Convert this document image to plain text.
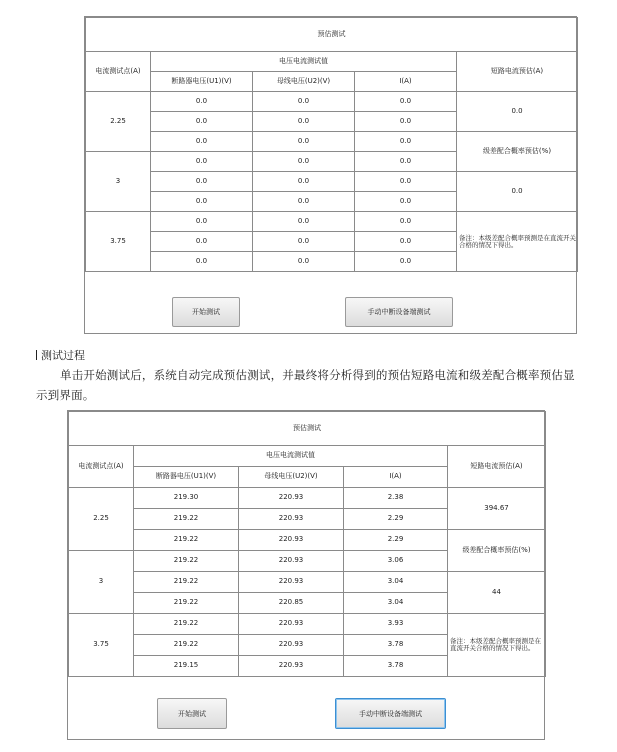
预估测试				
电流测试点(A)	电压电流测试值			短路电流预估(A)
	断路器电压(U1)(V)	母线电压(U2)(V)	I(A)	
2.25	0.0	0.0	0.0	0.0
	0.0	0.0	0.0	
	0.0	0.0	0.0	级差配合概率预估(%)
3	0.0	0.0	0.0	
	0.0	0.0	0.0	0.0
	0.0	0.0	0.0	
3.75	0.0	0.0	0.0	备注：本级差配合概率预测是在直流开关合格的情况下得出。
	0.0	0.0	0.0	
	0.0	0.0	0.0	
开始测试	手动中断设备端测试
测试过程
单击开始测试后，系统自动完成预估测试，并最终将分析得到的预估短路电流和级差配合概率预估显示到界面。
预估测试				
电流测试点(A)	电压电流测试值			短路电流预估(A)
	断路器电压(U1)(V)	母线电压(U2)(V)	I(A)	
2.25	219.30	220.93	2.38	394.67
	219.22	220.93	2.29	
	219.22	220.93	2.29	级差配合概率预估(%)
3	219.22	220.93	3.06	
	219.22	220.93	3.04	44
	219.22	220.85	3.04	
3.75	219.22	220.93	3.93	备注：本级差配合概率预测是在直流开关合格的情况下得出。
	219.22	220.93	3.78	
	219.15	220.93	3.78	
开始测试	手动中断设备端测试
